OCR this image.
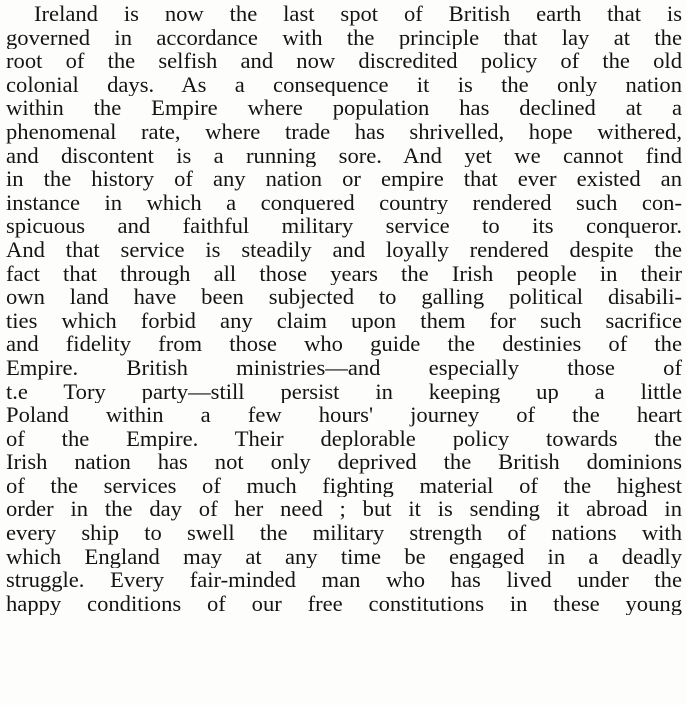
Ireland is now the last spot of British earth that is
governed in accordance with the principle that lay at the
root of the selfish and now discredited policy of the old
colonial days. As a consequence it is the only nation
within the Empire where population has declined at a
phenomenal rate, where trade has shrivelled, hope withered,
and discontent is a running sore. And yet we cannot find
in the history of any nation or empire that ever existed an
instance in which a conquered country rendered such con-
spicuous and faithful military service to its conqueror.
And that service is steadily and loyally rendered despite the
fact that through all those years the Irish people in their
own land have been subjected to galling political disabili-
ties which forbid any claim upon them for such sacrifice
and fidelity from those who guide the destinies of the
Empire. British ministries—and especially those of
t.e Tory party—still persist in keeping up a little
Poland within a few hours' journey of the heart
of the Empire. Their deplorable policy towards the
Irish nation has not only deprived the British dominions
of the services of much fighting material of the highest
order in the day of her need ; but it is sending it abroad in
every ship to swell the military strength of nations with
which England may at any time be engaged in a deadly
struggle. Every fair-minded man who has lived under the
happy conditions of our free constitutions in these young
